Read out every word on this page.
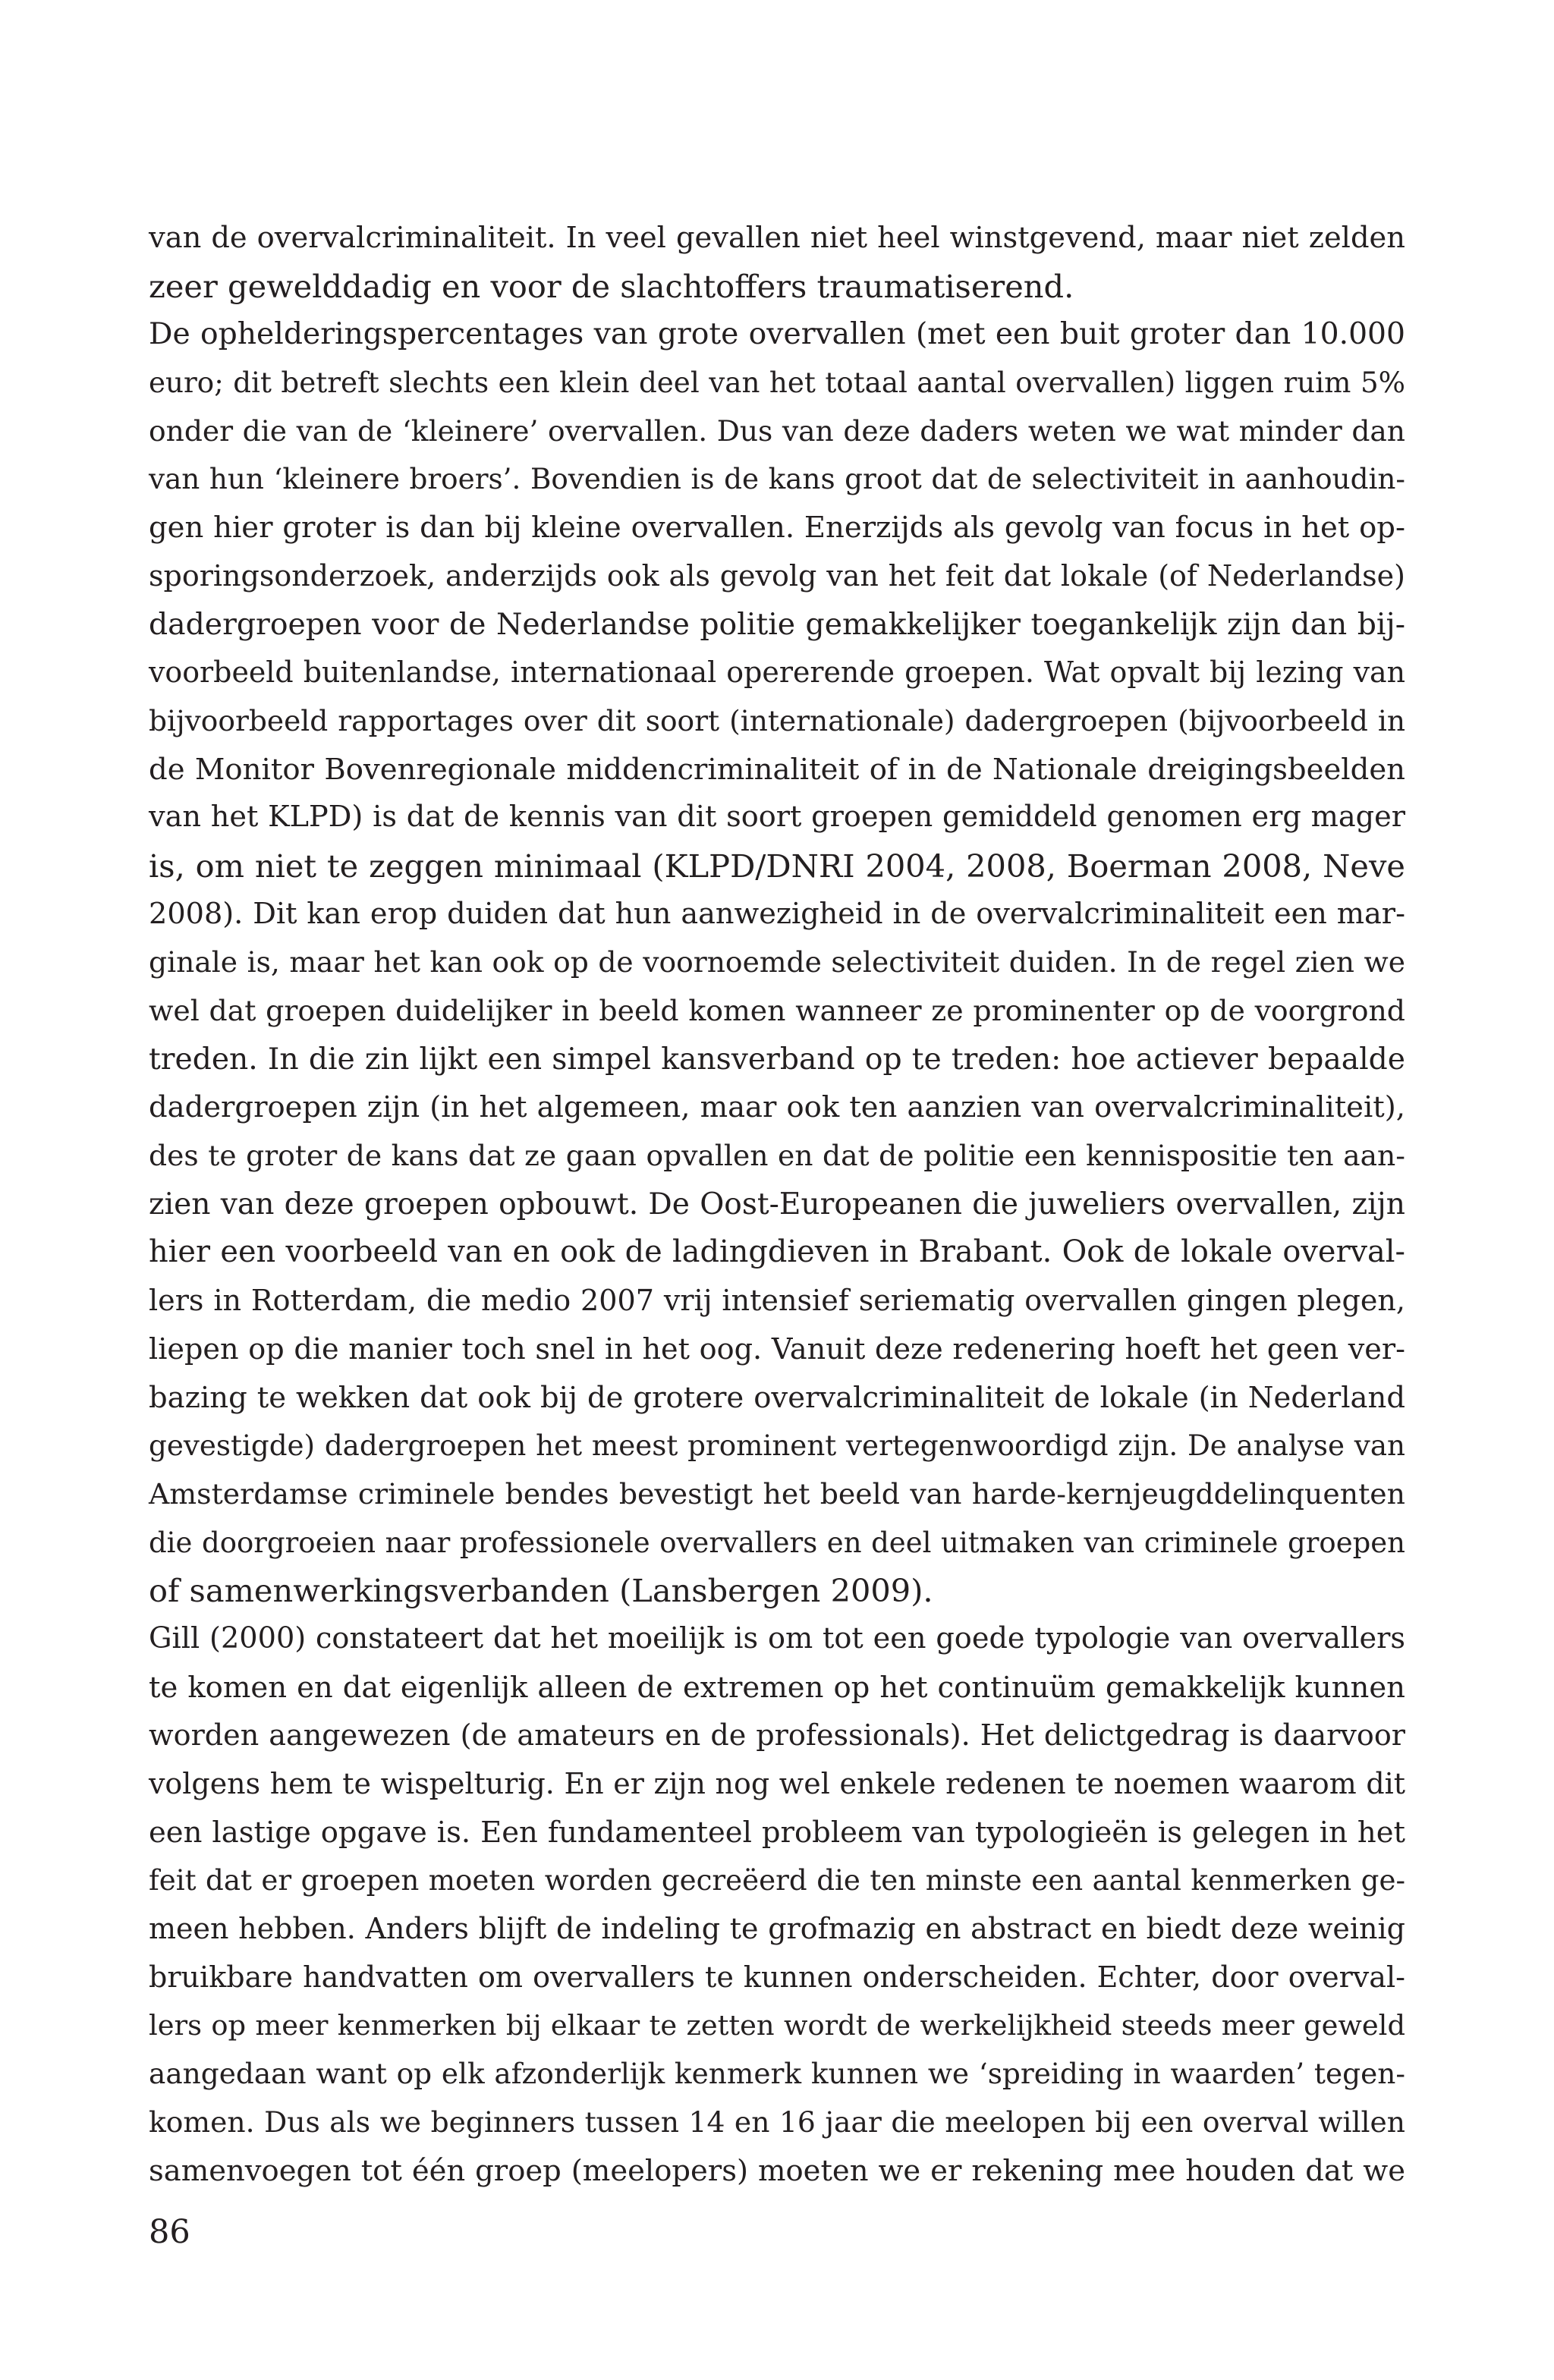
van de overvalcriminaliteit. In veel gevallen niet heel winstgevend, maar niet zelden
zeer gewelddadig en voor de slachtoffers traumatiserend.
De ophelderingspercentages van grote overvallen (met een buit groter dan 10.000
euro; dit betreft slechts een klein deel van het totaal aantal overvallen) liggen ruim 5%
onder die van de ‘kleinere’ overvallen. Dus van deze daders weten we wat minder dan
van hun ‘kleinere broers’. Bovendien is de kans groot dat de selectiviteit in aanhoudin-
gen hier groter is dan bij kleine overvallen. Enerzijds als gevolg van focus in het op-
sporingsonderzoek, anderzijds ook als gevolg van het feit dat lokale (of Nederlandse)
dadergroepen voor de Nederlandse politie gemakkelijker toegankelijk zijn dan bij-
voorbeeld buitenlandse, internationaal opererende groepen. Wat opvalt bij lezing van
bijvoorbeeld rapportages over dit soort (internationale) dadergroepen (bijvoorbeeld in
de Monitor Bovenregionale middencriminaliteit of in de Nationale dreigingsbeelden
van het KLPD) is dat de kennis van dit soort groepen gemiddeld genomen erg mager
is, om niet te zeggen minimaal (KLPD/DNRI 2004, 2008, Boerman 2008, Neve
2008). Dit kan erop duiden dat hun aanwezigheid in de overvalcriminaliteit een mar-
ginale is, maar het kan ook op de voornoemde selectiviteit duiden. In de regel zien we
wel dat groepen duidelijker in beeld komen wanneer ze prominenter op de voorgrond
treden. In die zin lijkt een simpel kansverband op te treden: hoe actiever bepaalde
dadergroepen zijn (in het algemeen, maar ook ten aanzien van overvalcriminaliteit),
des te groter de kans dat ze gaan opvallen en dat de politie een kennispositie ten aan-
zien van deze groepen opbouwt. De Oost-Europeanen die juweliers overvallen, zijn
hier een voorbeeld van en ook de ladingdieven in Brabant. Ook de lokale overval-
lers in Rotterdam, die medio 2007 vrij intensief seriematig overvallen gingen plegen,
liepen op die manier toch snel in het oog. Vanuit deze redenering hoeft het geen ver-
bazing te wekken dat ook bij de grotere overvalcriminaliteit de lokale (in Nederland
gevestigde) dadergroepen het meest prominent vertegenwoordigd zijn. De analyse van
Amsterdamse criminele bendes bevestigt het beeld van harde-kernjeugddelinquenten
die doorgroeien naar professionele overvallers en deel uitmaken van criminele groepen
of samenwerkingsverbanden (Lansbergen 2009).
Gill (2000) constateert dat het moeilijk is om tot een goede typologie van overvallers
te komen en dat eigenlijk alleen de extremen op het continuüm gemakkelijk kunnen
worden aangewezen (de amateurs en de professionals). Het delictgedrag is daarvoor
volgens hem te wispelturig. En er zijn nog wel enkele redenen te noemen waarom dit
een lastige opgave is. Een fundamenteel probleem van typologieën is gelegen in het
feit dat er groepen moeten worden gecreëerd die ten minste een aantal kenmerken ge-
meen hebben. Anders blijft de indeling te grofmazig en abstract en biedt deze weinig
bruikbare handvatten om overvallers te kunnen onderscheiden. Echter, door overval-
lers op meer kenmerken bij elkaar te zetten wordt de werkelijkheid steeds meer geweld
aangedaan want op elk afzonderlijk kenmerk kunnen we ‘spreiding in waarden’ tegen-
komen. Dus als we beginners tussen 14 en 16 jaar die meelopen bij een overval willen
samenvoegen tot één groep (meelopers) moeten we er rekening mee houden dat we
86
